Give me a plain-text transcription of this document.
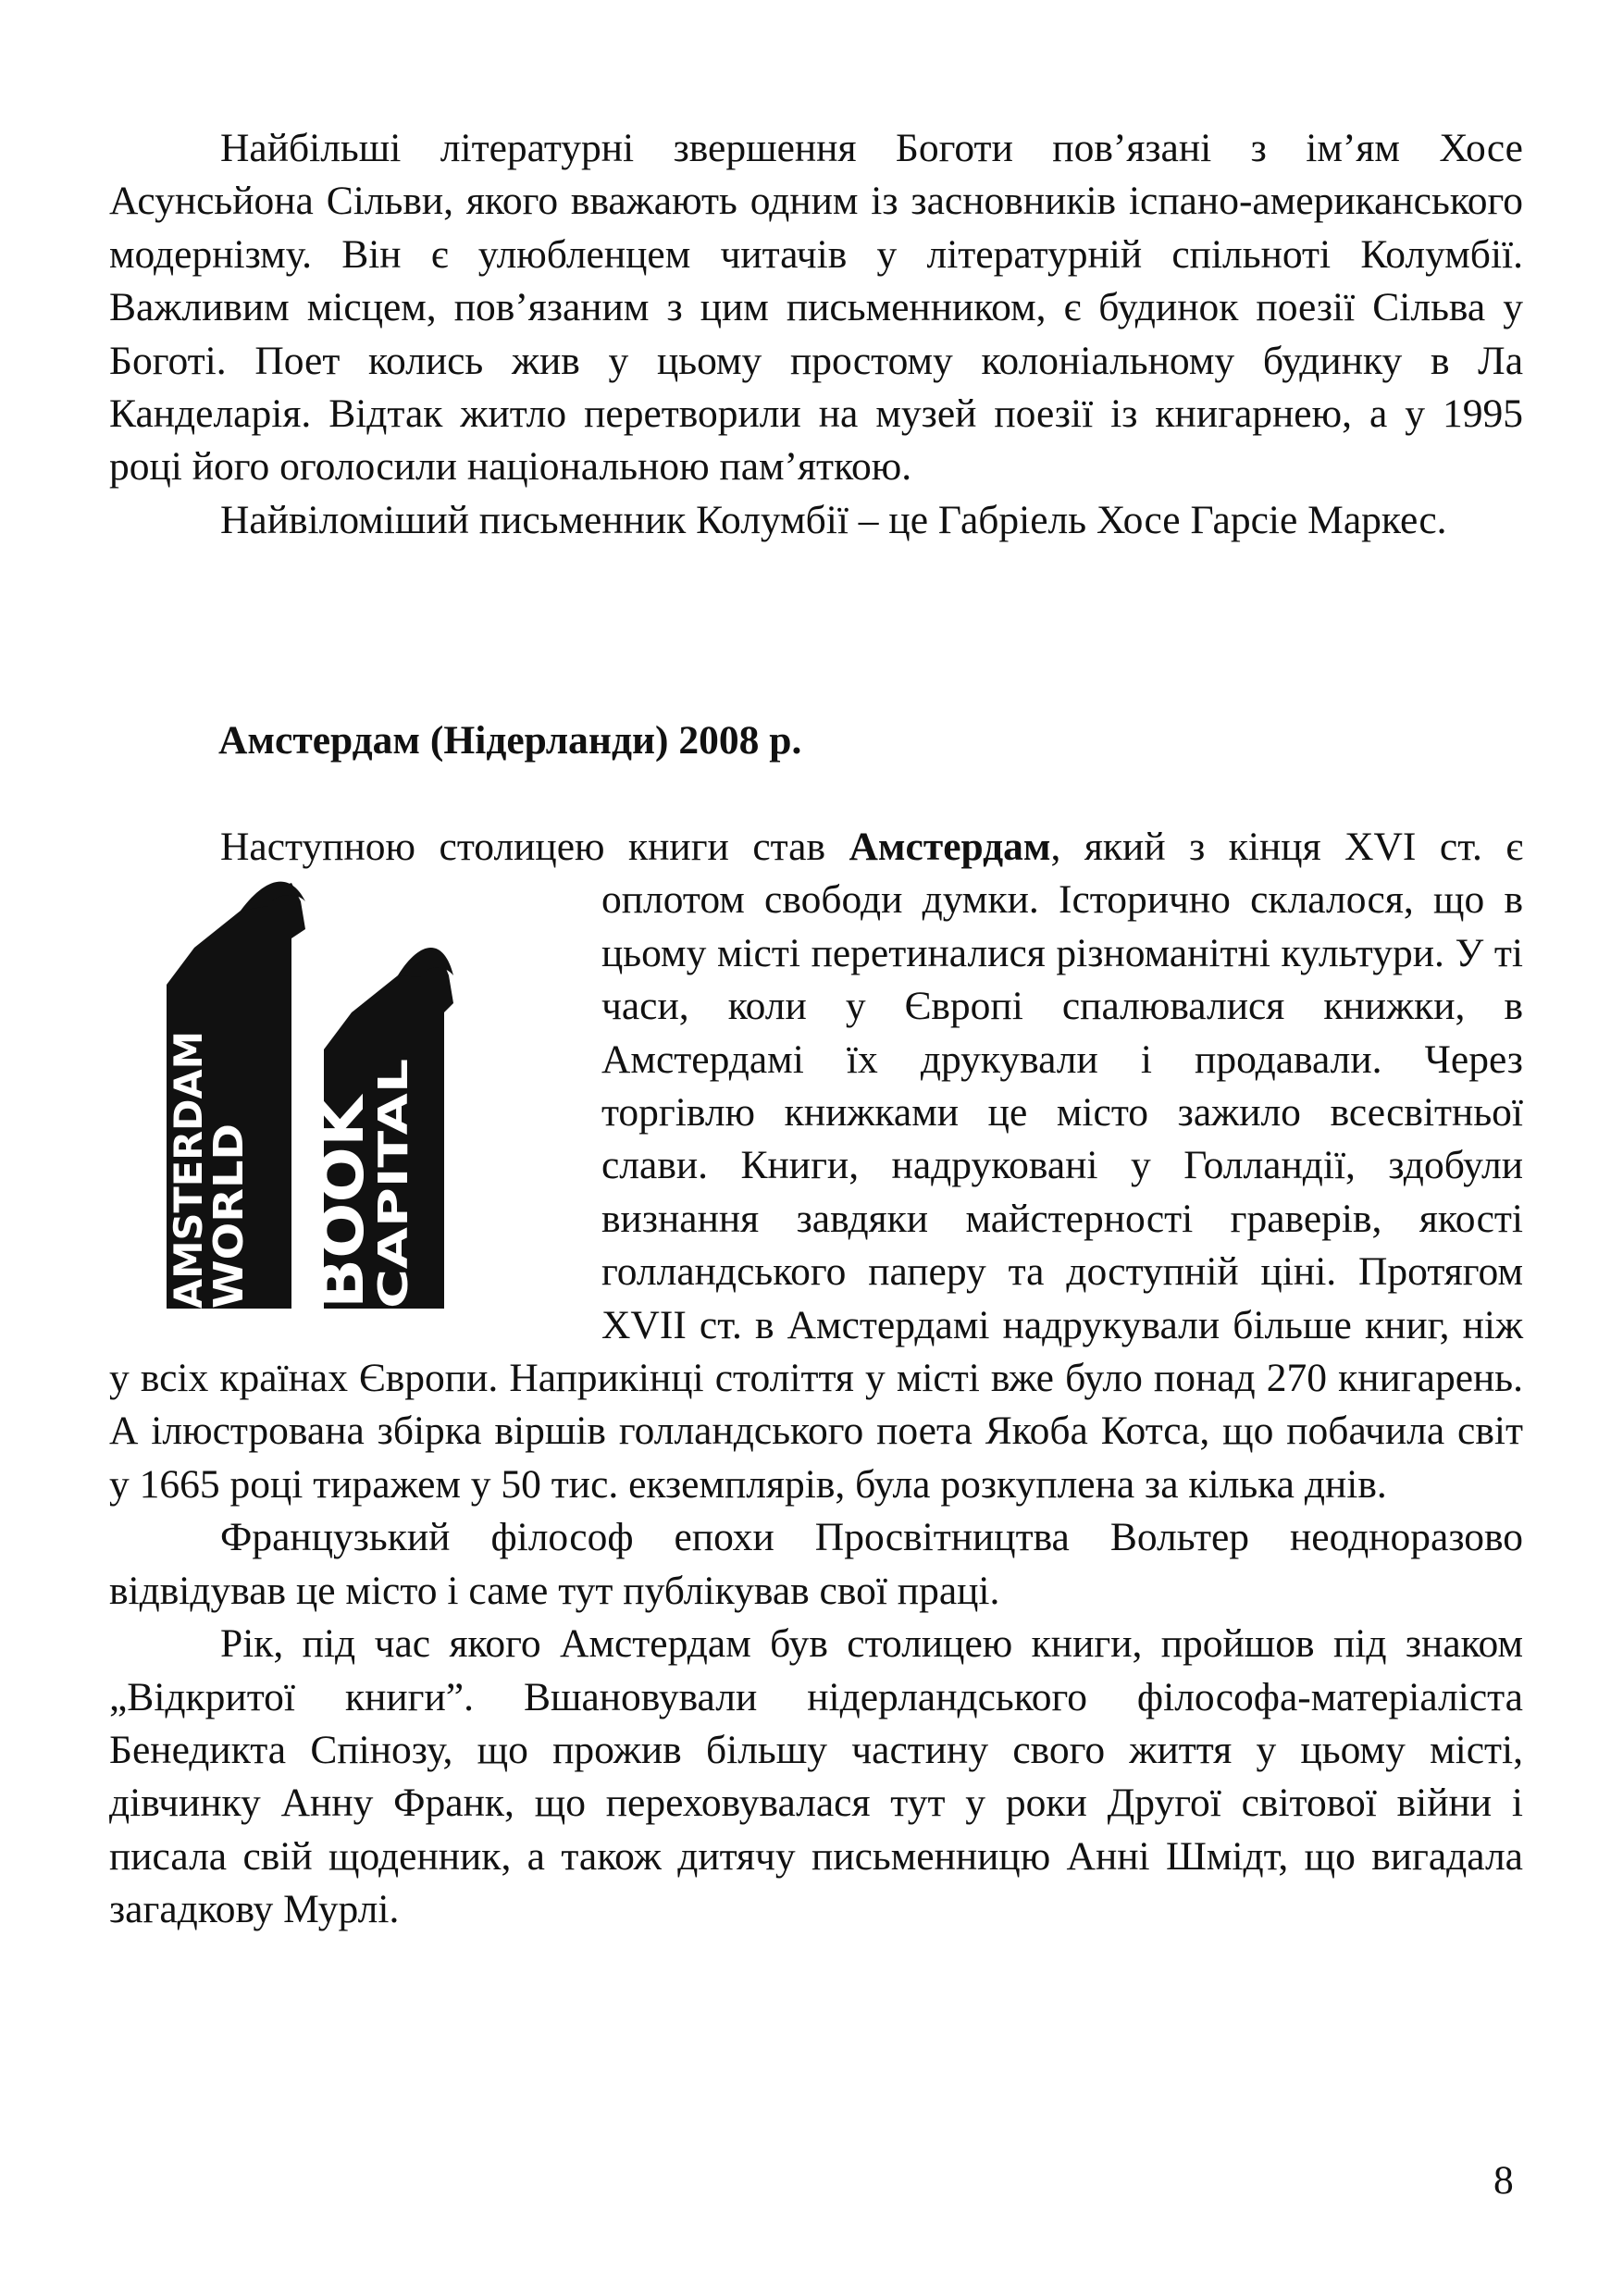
Найбільші літературні звершення Боготи пов’язані з ім’ям Хосе Асунсьйона Сільви, якого вважають одним із засновників іспано-американського модернізму. Він є улюбленцем читачів у літературній спільноті Колумбії. Важливим місцем, пов’язаним з цим письменником, є будинок поезії Сільва у Боготі. Поет колись жив у цьому простому колоніальному будинку в Ла Канделарія. Відтак житло перетворили на музей поезії із книгарнею, а у 1995 році його оголосили національною пам’яткою.

Найвіломіший письменник Колумбії – це Габріель Хосе Гарсіе Маркес.

Амстердам (Нідерланди) 2008 р.

Наступною столицею книги став Амстердам, який з кінця XVI
AMSTERDAM
WORLD BOOK
CAPITAL
ст. є оплотом свободи думки. Історично склалося, що в цьому місті перетиналися різноманітні культури. У ті часи, коли у Європі спалювалися книжки, в Амстердамі їх друкували і продавали. Через торгівлю книжками це місто зажило всесвітньої слави. Книги, надруковані у Голландії, здобули визнання завдяки майстерності граверів, якості голландського паперу та доступній ціні. Протягом XVII ст. в Амстердамі надрукували більше книг, ніж у всіх країнах Європи. Наприкінці століття у місті вже було понад 270 книгарень. А ілюстрована збірка віршів голландського поета Якоба Котса, що побачила світ у 1665 році тиражем у 50 тис. екземплярів, була розкуплена за кілька днів.

Французький філософ епохи Просвітництва Вольтер неодноразово відвідував це місто і саме тут публікував свої праці.

Рік, під час якого Амстердам був столицею книги, пройшов під знаком „Відкритої книги”. Вшановували нідерландського філософа-матеріаліста Бенедикта Спінозу, що прожив більшу частину свого життя у цьому місті, дівчинку Анну Франк, що переховувалася тут у роки Другої світової війни і писала свій щоденник, а також дитячу письменницю Анні Шмідт, що вигадала загадкову Мурлі.

8
